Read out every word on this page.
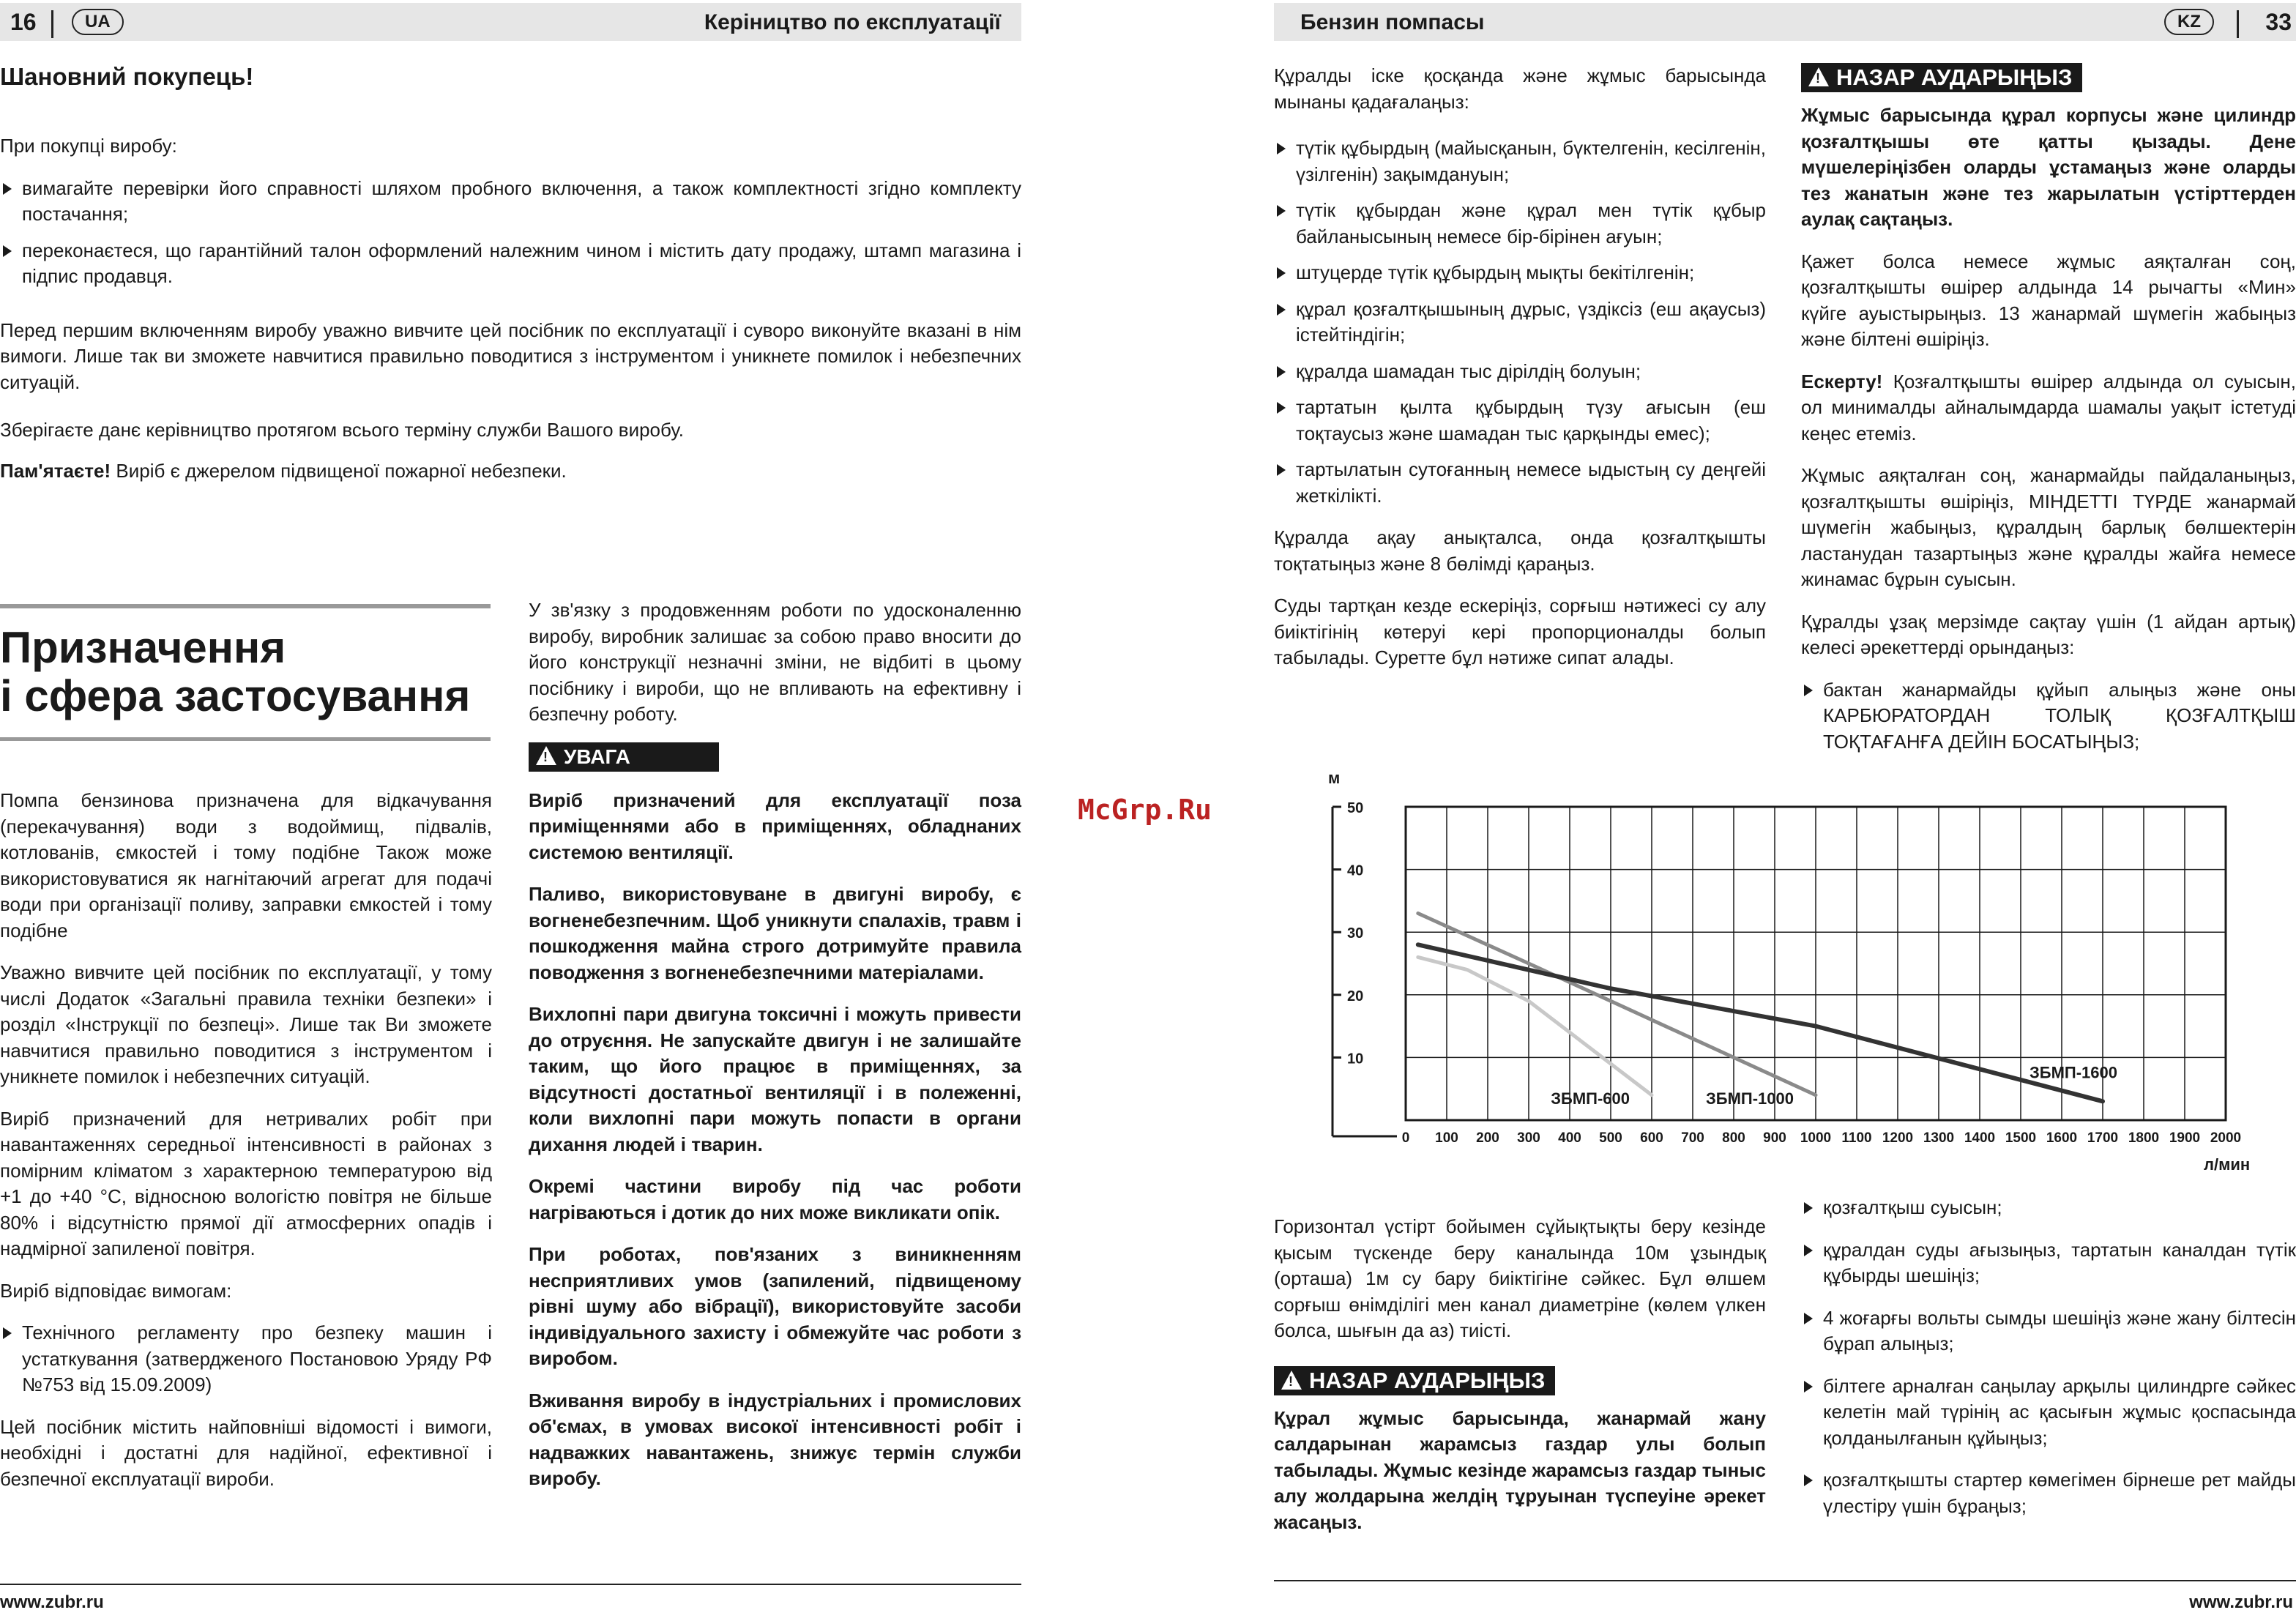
16	UA	Керіництво по експлуатації
Шановний покупець!

При покупці виробу:

вимагайте перевірки його справності шляхом пробного включення, а також комплектності згідно комплекту постачання;
переконаєтеся, що гарантійний талон оформлений належним чином і містить дату продажу, штамп магазина і підпис продавця.

Перед першим включенням виробу уважно вивчите цей посібник по експлуатації і суворо виконуйте вказані в нім вимоги. Лише так ви зможете навчитися правильно поводитися з інструментом і уникнете помилок і небезпечних ситуацій.

Зберігаєте данє керівництво протягом всього терміну служби Вашого виробу.

Пам'ятаєте! Виріб є джерелом підвищеної пожарної небезпеки.

Призначення
і сфера застосування

Помпа бензинова призначена для відкачування (перекачування) води з водоймищ, підвалів, котлованів, ємкостей і тому подібне Також може використовуватися як нагнітаючий агрегат для подачі води при організації поливу, заправки ємкостей і тому подібне

Уважно вивчите цей посібник по експлуатації, у тому числі Додаток «Загальні правила техніки безпеки» і розділ «Інструкції по безпеці». Лише так Ви зможете навчитися правильно поводитися з інструментом і уникнете помилок і небезпечних ситуацій.

Виріб призначений для нетривалих робіт при навантаженнях середньої інтенсивності в районах з помірним кліматом з характерною температурою від +1 до +40 °С, відносною вологістю повітря не більше 80% і відсутністю прямої дії атмосферних опадів і надмірної запиленої повітря.

Виріб відповідає вимогам:

Технічного регламенту про безпеку машин і устаткування (затвердженого Постановою Уряду РФ №753 від 15.09.2009)

Цей посібник містить найповніші відомості і вимоги, необхідні і достатні для надійної, ефективної і безпечної експлуатації вироби.

У зв'язку з продовженням роботи по удосконаленню виробу, виробник залишає за собою право вносити до його конструкції незначні зміни, не відбиті в цьому посібнику і вироби, що не впливають на ефективну і безпечну роботу.

!УВАГА

Виріб призначений для експлуатації поза приміщеннями або в приміщеннях, обладнаних системою вентиляції.

Паливо, використовуване в двигуні виробу, є вогненебезпечним. Щоб уникнути спалахів, травм і пошкодження майна строго дотримуйте правила поводження з вогненебезпечними матеріалами.

Вихлопні пари двигуна токсичні і можуть привести до отруєння. Не запускайте двигун і не залишайте таким, що його працює в приміщеннях, за відсутності достатньої вентиляції і в полеженні, коли вихлопні пари можуть попасти в органи дихання людей і тварин.

Окремі частини виробу під час роботи нагріваються і дотик до них може викликати опік.

При роботах, пов'язаних з виникненням несприятливих умов (запилений, підвищеному рівні шуму або вібрації), використовуйте засоби індивідуального захисту і обмежуйте час роботи з виробом.

Вживання виробу в індустріальних і промислових об'ємах, в умовах високої інтенсивності робіт і надважких навантажень, знижує термін служби виробу.

www.zubr.ru
McGrp.Ru
Бензин помпасы	KZ	33

Құралды іске қосқанда және жұмыс барысында мынаны қадағалаңыз:

түтік құбырдың (майысқанын, бүктелгенін, кесілгенін, үзілгенін) зақымдануын;
түтік құбырдан және құрал мен түтік құбыр байланысының немесе бір-бірінен ағуын;
штуцерде түтік құбырдың мықты бекітілгенін;
құрал қозғалтқышының дұрыс, үздіксіз (еш ақаусыз) істейтіндігін;
құралда шамадан тыс дірілдің болуын;
тартатын қылта құбырдың түзу ағысын (еш тоқтаусыз және шамадан тыс қарқынды емес);
тартылатын сутоғанның немесе ыдыстың су деңгейі жеткілікті.

Құралда ақау анықталса, онда қозғалтқышты тоқтатыңыз және 8 бөлімді қараңыз.

Суды тартқан кезде ескеріңіз, сорғыш нәтижесі су алу биіктігінің көтеруі кері пропорционалды болып табылады. Суретте бұл нәтиже сипат алады.

!НАЗАР АУДАРЫҢЫЗ

Жұмыс барысында құрал корпусы және цилиндр қозғалтқышы өте қатты қызады. Дене мүшелеріңізбен оларды ұстамаңыз және оларды тез жанатын және тез жарылатын үстірттерден аулақ сақтаңыз.

Қажет болса немесе жұмыс аяқталған соң, қозғалтқышты өшірер алдында 14 рычагты «Мин» күйге ауыстырыңыз. 13 жанармай шүмегін жабыңыз және білтені өшіріңіз.

Ескерту! Қозғалтқышты өшірер алдында ол суысын, ол минималды айналымдарда шамалы уақыт істетуді кеңес етеміз.

Жұмыс аяқталған соң, жанармайды пайдаланыңыз, қозғалтқышты өшіріңіз, МІНДЕТТІ ТҮРДЕ жанармай шүмегін жабыңыз, құралдың барлық бөлшектерін ластанудан тазартыңыз және құралды жайға немесе жинамас бұрын суысын.

Құралды ұзақ мерзімде сақтау үшін (1 айдан артық) келесі әрекеттерді орындаңыз:

бактан жанармайды құйып алыңыз және оны КАРБЮРАТОРДАН ТОЛЫҚ ҚОЗҒАЛТҚЫШ ТОҚТАҒАНҒА ДЕЙІН БОСАТЫҢЫЗ;
м
л/мин
10
20
30
40
50
0 100 200 300 400 500 600 700 800 900 1000 1100 1200 1300 1400 1500 1600 1700 1800 1900 2000
ЗБМП-600	ЗБМП-1000
ЗБМП-1600

Горизонтал үстірт бойымен сұйықтықты беру кезінде қысым түскенде беру каналында 10м ұзындық (орташа) 1м су бару биіктігіне сәйкес. Бұл өлшем сорғыш өнімділігі мен канал диаметріне (көлем үлкен болса, шығын да аз) тиісті.

!НАЗАР АУДАРЫҢЫЗ

Құрал жұмыс барысында, жанармай жану салдарынан жарамсыз газдар улы болып табылады. Жұмыс кезінде жарамсыз газдар тыныс алу жолдарына желдің тұруынан түспеуіне әрекет жасаңыз.

қозғалтқыш суысын;
құралдан суды ағызыңыз, тартатын каналдан түтік құбырды шешіңіз;
4 жоғарғы вольты сымды шешіңіз және жану білтесін бұрап алыңыз;
білтеге арналған саңылау арқылы цилиндрге сәйкес келетін май түрінің ас қасығын жұмыс қоспасында қолданылғанын құйыңыз;
қозғалтқышты стартер көмегімен бірнеше рет майды үлестіру үшін бұраңыз;
www.zubr.ru
